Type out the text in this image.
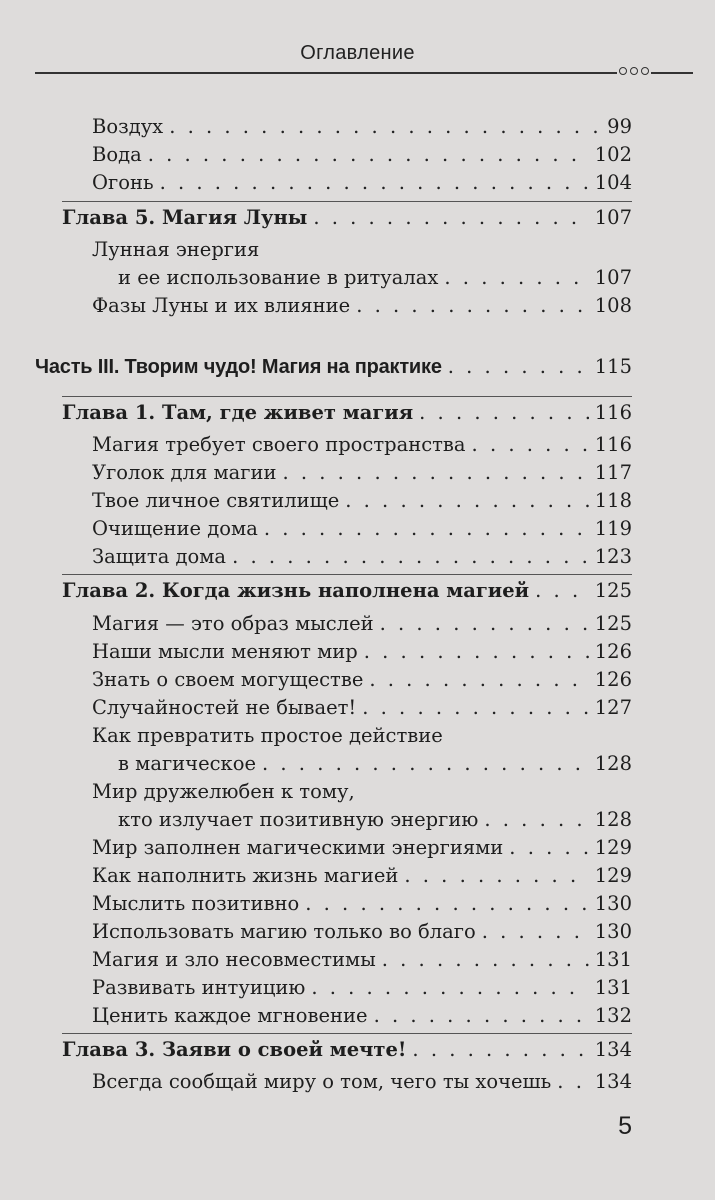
Оглавление
Воздух . . .	99
Вода . . .	102
Огонь . . .	104
Глава 5. Магия Луны . . .	107
Лунная энергия
и ее использование в ритуалах . . .	107
Фазы Луны и их влияние . . .	108
Часть III. Творим чудо! Магия на практике . . .	115
Глава 1. Там, где живет магия . . .	116
Магия требует своего пространства . . .	116
Уголок для магии . . .	117
Твое личное святилище . . .	118
Очищение дома . . .	119
Защита дома . . .	123
Глава 2. Когда жизнь наполнена магией . . .	125
Магия — это образ мыслей . . .	125
Наши мысли меняют мир . . .	126
Знать о своем могуществе . . .	126
Случайностей не бывает! . . .	127
Как превратить простое действие
в магическое . . .	128
Мир дружелюбен к тому,
кто излучает позитивную энергию . . .	128
Мир заполнен магическими энергиями . . .	129
Как наполнить жизнь магией . . .	129
Мыслить позитивно . . .	130
Использовать магию только во благо . . .	130
Магия и зло несовместимы . . .	131
Развивать интуицию . . .	131
Ценить каждое мгновение . . .	132
Глава 3. Заяви о своей мечте! . . .	134
Всегда сообщай миру о том, чего ты хочешь . . . 134
5
